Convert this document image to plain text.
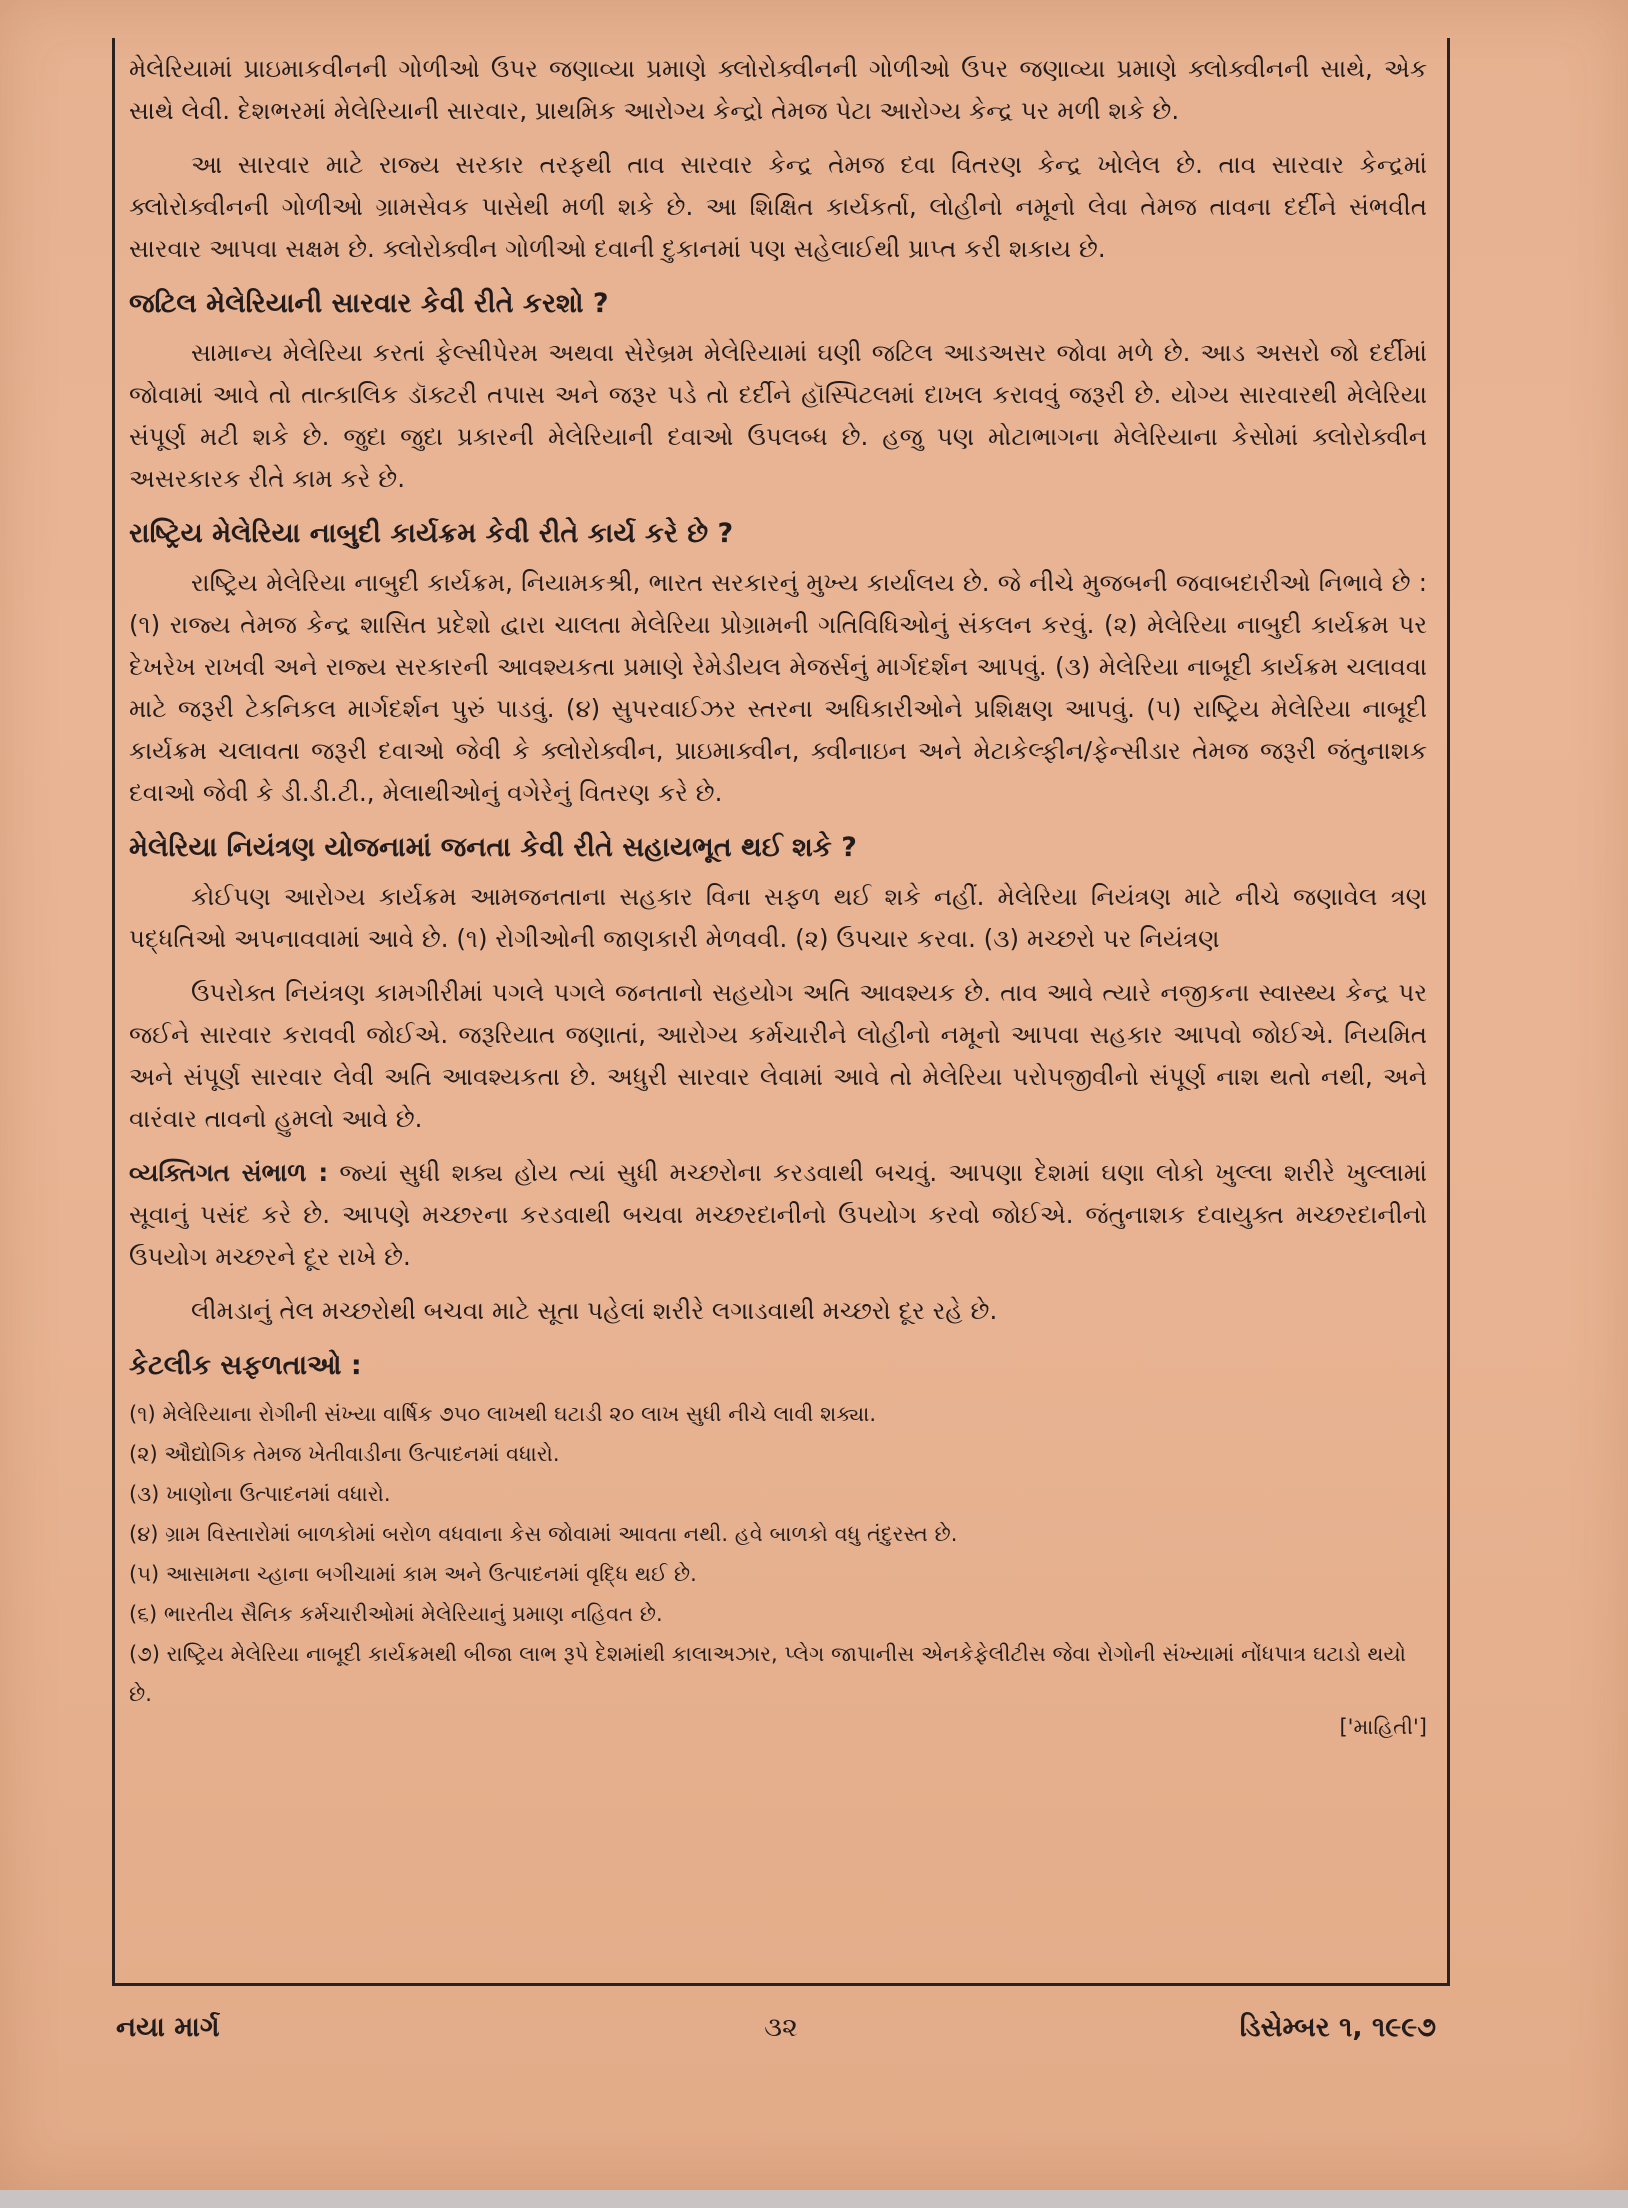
મેલેરિયામાં પ્રાઇમાકવીનની ગોળીઓ ઉપર જણાવ્યા પ્રમાણે ક્લોરોક્વીનની ગોળીઓ ઉપર જણાવ્યા પ્રમાણે ક્લોક્વીનની સાથે, એક સાથે લેવી. દેશભરમાં મેલેરિયાની સારવાર, પ્રાથમિક આરોગ્ય કેન્દ્રો તેમજ પેટા આરોગ્ય કેન્દ્ર પર મળી શકે છે.

આ સારવાર માટે રાજ્ય સરકાર તરફથી તાવ સારવાર કેન્દ્ર તેમજ દવા વિતરણ કેન્દ્ર ખોલેલ છે. તાવ સારવાર કેન્દ્રમાં ક્લોરોક્વીનની ગોળીઓ ગ્રામસેવક પાસેથી મળી શકે છે. આ શિક્ષિત કાર્યકર્તા, લોહીનો નમૂનો લેવા તેમજ તાવના દર્દીને સંભવીત સારવાર આપવા સક્ષમ છે. ક્લોરોક્વીન ગોળીઓ દવાની દુકાનમાં પણ સહેલાઈથી પ્રાપ્ત કરી શકાય છે.

જટિલ મેલેરિયાની સારવાર કેવી રીતે કરશો ?

સામાન્ય મેલેરિયા કરતાં ફેલ્સીપેરમ અથવા સેરેબ્રમ મેલેરિયામાં ઘણી જટિલ આડઅસર જોવા મળે છે. આડ અસરો જો દર્દીમાં જોવામાં આવે તો તાત્કાલિક ડૉક્ટરી તપાસ અને જરૂર પડે તો દર્દીને હૉસ્પિટલમાં દાખલ કરાવવું જરૂરી છે. યોગ્ય સારવારથી મેલેરિયા સંપૂર્ણ મટી શકે છે. જુદા જુદા પ્રકારની મેલેરિયાની દવાઓ ઉપલબ્ધ છે. હજુ પણ મોટાભાગના મેલેરિયાના કેસોમાં ક્લોરોક્વીન અસરકારક રીતે કામ કરે છે.

રાષ્ટ્રિય મેલેરિયા નાબુદી કાર્યક્રમ કેવી રીતે કાર્ય કરે છે ?

રાષ્ટ્રિય મેલેરિયા નાબુદી કાર્યક્રમ, નિયામકશ્રી, ભારત સરકારનું મુખ્ય કાર્યાલય છે. જે નીચે મુજબની જવાબદારીઓ નિભાવે છે : (૧) રાજ્ય તેમજ કેન્દ્ર શાસિત પ્રદેશો દ્વારા ચાલતા મેલેરિયા પ્રોગ્રામની ગતિવિધિઓનું સંકલન કરવું. (૨) મેલેરિયા નાબુદી કાર્યક્રમ પર દેખરેખ રાખવી અને રાજ્ય સરકારની આવશ્યકતા પ્રમાણે રેમેડીયલ મેજર્સનું માર્ગદર્શન આપવું. (૩) મેલેરિયા નાબૂદી કાર્યક્રમ ચલાવવા માટે જરૂરી ટેકનિકલ માર્ગદર્શન પુરું પાડવું. (૪) સુપરવાઈઝર સ્તરના અધિકારીઓને પ્રશિક્ષણ આપવું. (૫) રાષ્ટ્રિય મેલેરિયા નાબૂદી કાર્યક્રમ ચલાવતા જરૂરી દવાઓ જેવી કે ક્લોરોક્વીન, પ્રાઇમાક્વીન, ક્વીનાઇન અને મેટાકેલ્ફીન/ફેન્સીડાર તેમજ જરૂરી જંતુનાશક દવાઓ જેવી કે ડી.ડી.ટી., મેલાથીઓનું વગેરેનું વિતરણ કરે છે.

મેલેરિયા નિયંત્રણ યોજનામાં જનતા કેવી રીતે સહાયભૂત થઈ શકે ?

કોઈપણ આરોગ્ય કાર્યક્રમ આમજનતાના સહકાર વિના સફળ થઈ શકે નહીં. મેલેરિયા નિયંત્રણ માટે નીચે જણાવેલ ત્રણ પદ્ધતિઓ અપનાવવામાં આવે છે. (૧) રોગીઓની જાણકારી મેળવવી. (૨) ઉપચાર કરવા. (૩) મચ્છરો પર નિયંત્રણ

ઉપરોક્ત નિયંત્રણ કામગીરીમાં પગલે પગલે જનતાનો સહયોગ અતિ આવશ્યક છે. તાવ આવે ત્યારે નજીકના સ્વાસ્થ્ય કેન્દ્ર પર જઈને સારવાર કરાવવી જોઈએ. જરૂરિયાત જણાતાં, આરોગ્ય કર્મચારીને લોહીનો નમૂનો આપવા સહકાર આપવો જોઈએ. નિયમિત અને સંપૂર્ણ સારવાર લેવી અતિ આવશ્યકતા છે. અધુરી સારવાર લેવામાં આવે તો મેલેરિયા પરોપજીવીનો સંપૂર્ણ નાશ થતો નથી, અને વારંવાર તાવનો હુમલો આવે છે.

વ્યક્તિગત સંભાળ : જ્યાં સુધી શક્ય હોય ત્યાં સુધી મચ્છરોના કરડવાથી બચવું. આપણા દેશમાં ઘણા લોકો ખુલ્લા શરીરે ખુલ્લામાં સૂવાનું પસંદ કરે છે. આપણે મચ્છરના કરડવાથી બચવા મચ્છરદાનીનો ઉપયોગ કરવો જોઈએ. જંતુનાશક દવાયુક્ત મચ્છરદાનીનો ઉપયોગ મચ્છરને દૂર રાખે છે.

લીમડાનું તેલ મચ્છરોથી બચવા માટે સૂતા પહેલાં શરીરે લગાડવાથી મચ્છરો દૂર રહે છે.

કેટલીક સફળતાઓ :
(૧) મેલેરિયાના રોગીની સંખ્યા વાર્ષિક ૭૫૦ લાખથી ઘટાડી ૨૦ લાખ સુધી નીચે લાવી શક્યા.
(૨) ઔદ્યોગિક તેમજ ખેતીવાડીના ઉત્પાદનમાં વધારો.
(૩) ખાણોના ઉત્પાદનમાં વધારો.
(૪) ગ્રામ વિસ્તારોમાં બાળકોમાં બરોળ વધવાના કેસ જોવામાં આવતા નથી. હવે બાળકો વધુ તંદુરસ્ત છે.
(૫) આસામના ચ્હાના બગીચામાં કામ અને ઉત્પાદનમાં વૃદ્ધિ થઈ છે.
(૬) ભારતીય સૈનિક કર્મચારીઓમાં મેલેરિયાનું પ્રમાણ નહિવત છે.
(૭) રાષ્ટ્રિય મેલેરિયા નાબૂદી કાર્યક્રમથી બીજા લાભ રૂપે દેશમાંથી કાલાઅઝાર, પ્લેગ જાપાનીસ એનકેફેલીટીસ જેવા રોગોની સંખ્યામાં નોંધપાત્ર ઘટાડો થયો છે.
['માહિતી']
નયા માર્ગ	૩૨	ડિસેમ્બર ૧, ૧૯૯૭
